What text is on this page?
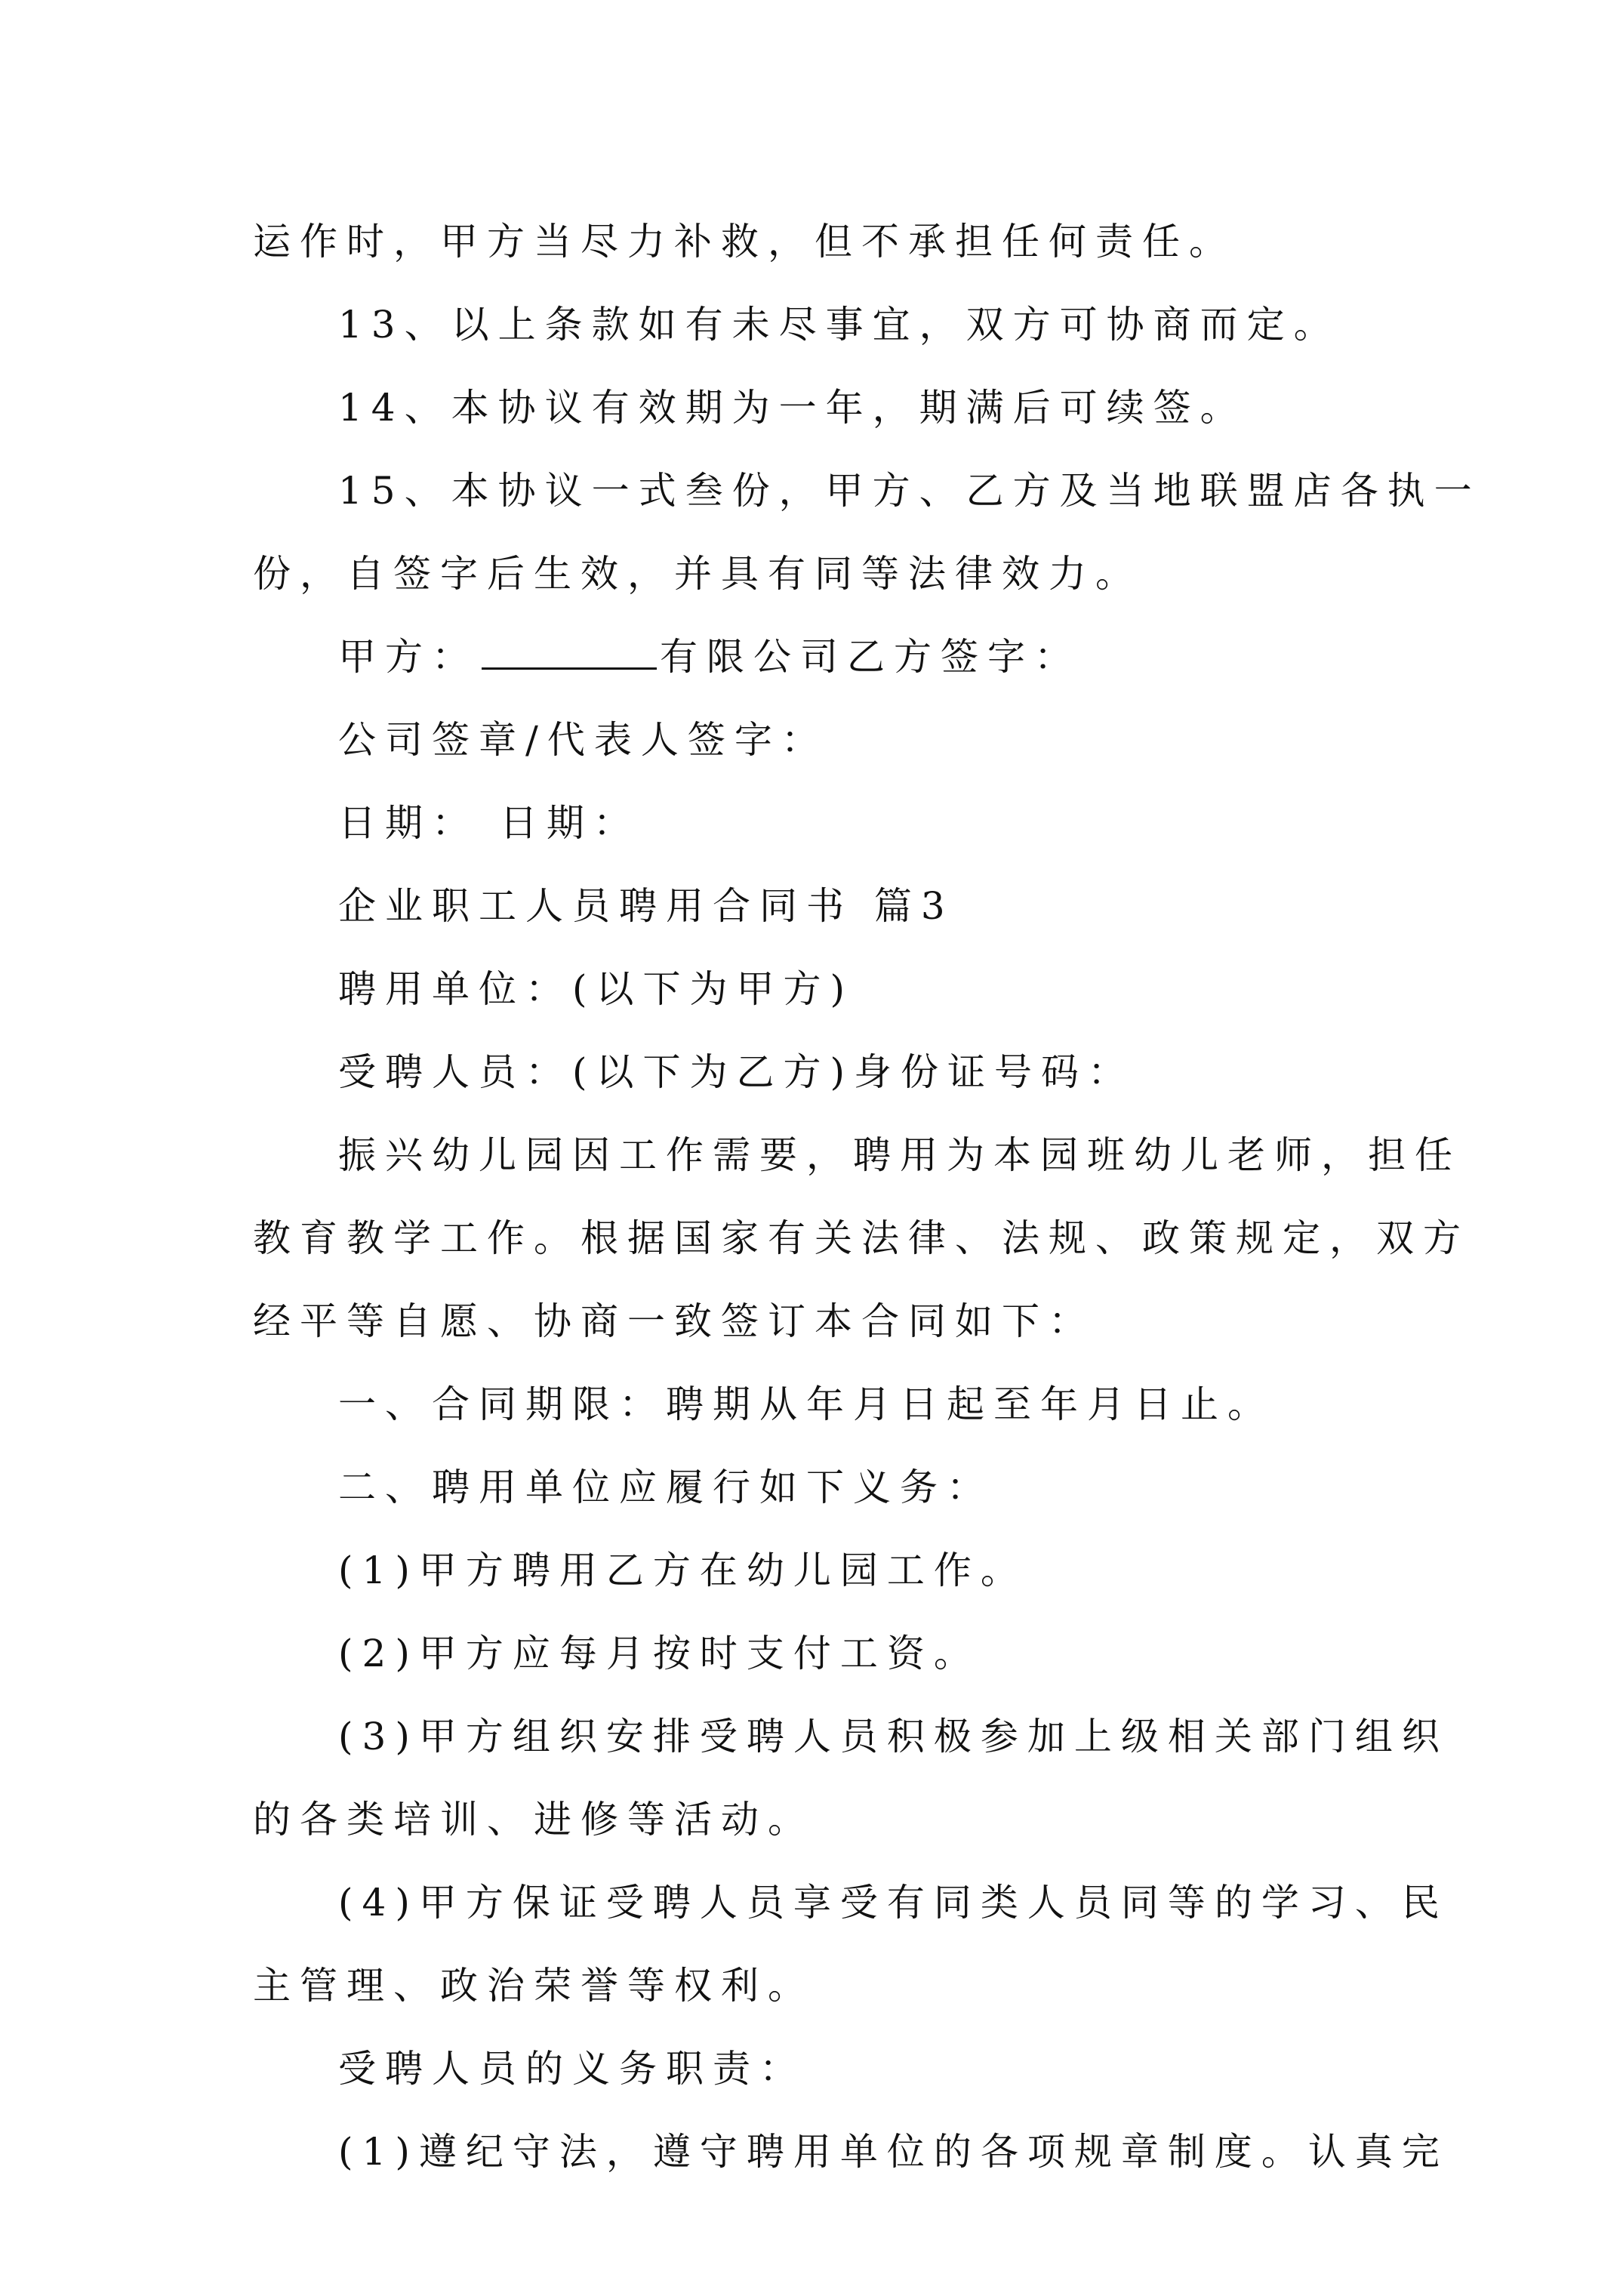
运作时，甲方当尽力补救，但不承担任何责任。
13、以上条款如有未尽事宜，双方可协商而定。
14、本协议有效期为一年，期满后可续签。
15、本协议一式叁份，甲方、乙方及当地联盟店各执一
份，自签字后生效，并具有同等法律效力。
甲方：	有限公司乙方签字：
公司签章/代表人签字：
日期： 日期：
企业职工人员聘用合同书 篇3
聘用单位：(以下为甲方)
受聘人员：(以下为乙方)身份证号码：
振兴幼儿园因工作需要，聘用为本园班幼儿老师，担任
教育教学工作。根据国家有关法律、法规、政策规定，双方
经平等自愿、协商一致签订本合同如下：
一、合同期限：聘期从年月日起至年月日止。
二、聘用单位应履行如下义务：
(1)甲方聘用乙方在幼儿园工作。
(2)甲方应每月按时支付工资。
(3)甲方组织安排受聘人员积极参加上级相关部门组织
的各类培训、进修等活动。
(4)甲方保证受聘人员享受有同类人员同等的学习、民
主管理、政治荣誉等权利。
受聘人员的义务职责：
(1)遵纪守法，遵守聘用单位的各项规章制度。认真完
